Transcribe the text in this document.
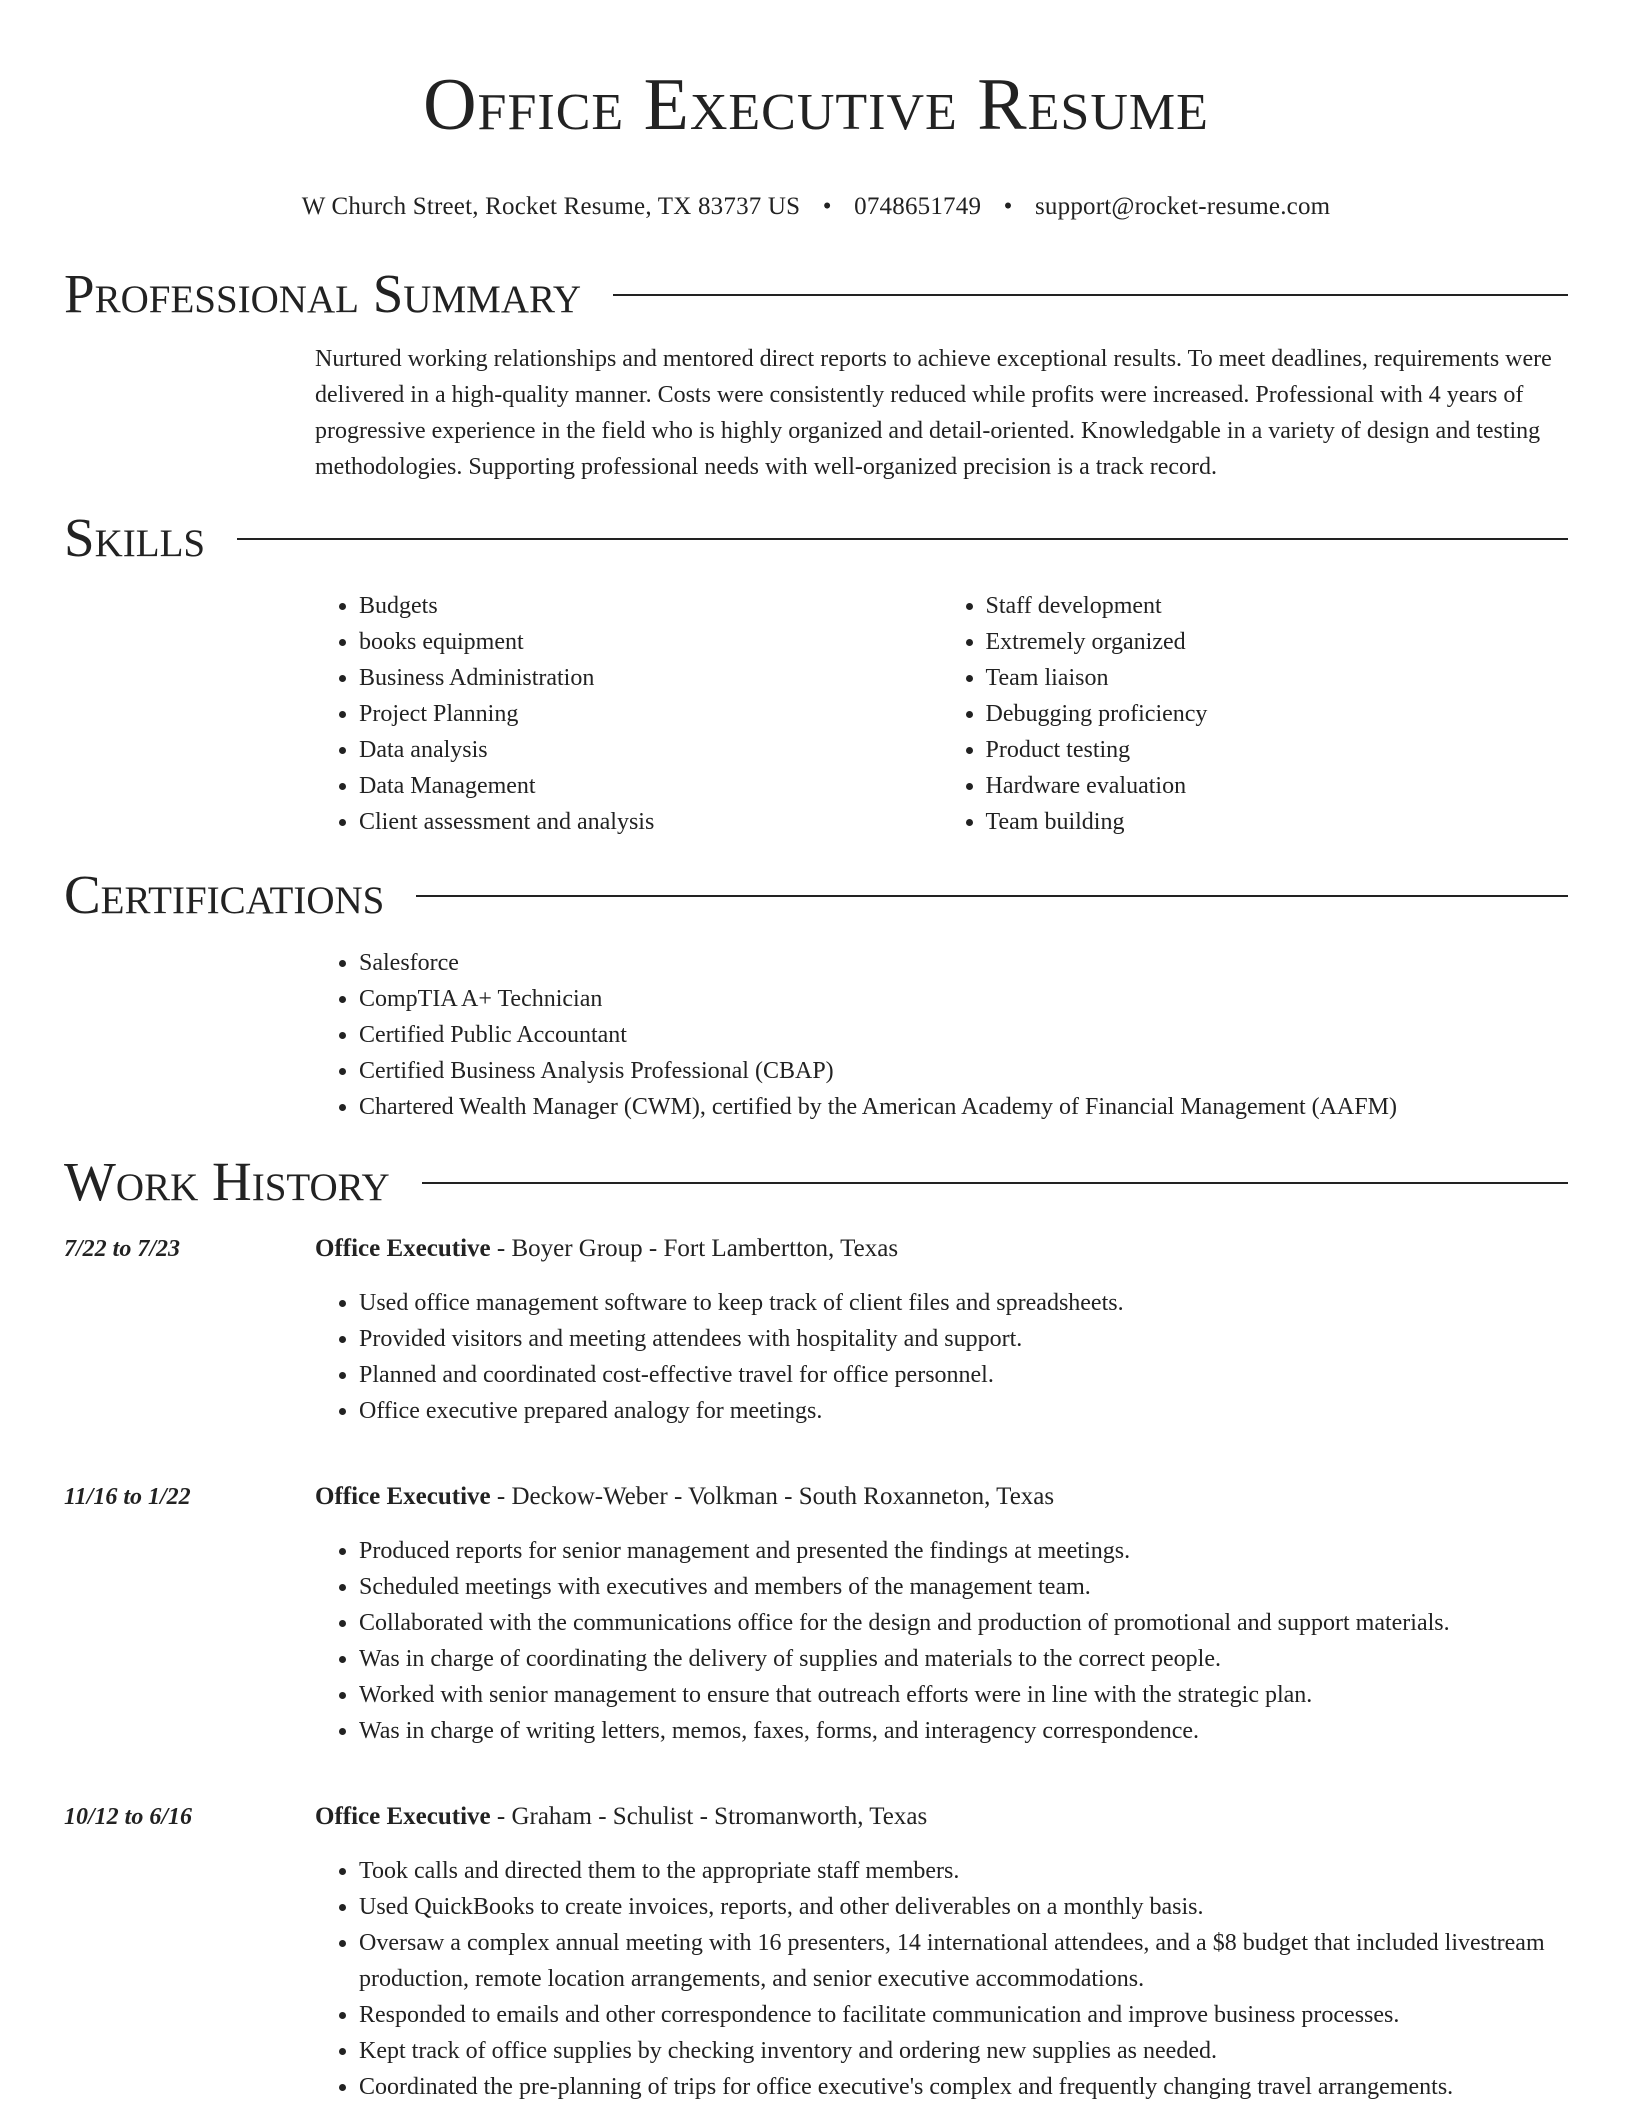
Office Executive Resume
W Church Street, Rocket Resume, TX 83737 US • 0748651749 • support@rocket-resume.com
Professional Summary
Nurtured working relationships and mentored direct reports to achieve exceptional results. To meet deadlines, requirements were delivered in a high-quality manner. Costs were consistently reduced while profits were increased. Professional with 4 years of progressive experience in the field who is highly organized and detail-oriented. Knowledgable in a variety of design and testing methodologies. Supporting professional needs with well-organized precision is a track record.
Skills
• Budgets
• books equipment
• Business Administration
• Project Planning
• Data analysis
• Data Management
• Client assessment and analysis
• Staff development
• Extremely organized
• Team liaison
• Debugging proficiency
• Product testing
• Hardware evaluation
• Team building
Certifications
• Salesforce
• CompTIA A+ Technician
• Certified Public Accountant
• Certified Business Analysis Professional (CBAP)
• Chartered Wealth Manager (CWM), certified by the American Academy of Financial Management (AAFM)
Work History
7/22 to 7/23	Office Executive - Boyer Group - Fort Lambertton, Texas
• Used office management software to keep track of client files and spreadsheets.
• Provided visitors and meeting attendees with hospitality and support.
• Planned and coordinated cost-effective travel for office personnel.
• Office executive prepared analogy for meetings.
11/16 to 1/22	Office Executive - Deckow-Weber - Volkman - South Roxanneton, Texas
• Produced reports for senior management and presented the findings at meetings.
• Scheduled meetings with executives and members of the management team.
• Collaborated with the communications office for the design and production of promotional and support materials.
• Was in charge of coordinating the delivery of supplies and materials to the correct people.
• Worked with senior management to ensure that outreach efforts were in line with the strategic plan.
• Was in charge of writing letters, memos, faxes, forms, and interagency correspondence.
10/12 to 6/16	Office Executive - Graham - Schulist - Stromanworth, Texas
• Took calls and directed them to the appropriate staff members.
• Used QuickBooks to create invoices, reports, and other deliverables on a monthly basis.
• Oversaw a complex annual meeting with 16 presenters, 14 international attendees, and a $8 budget that included livestream production, remote location arrangements, and senior executive accommodations.
• Responded to emails and other correspondence to facilitate communication and improve business processes.
• Kept track of office supplies by checking inventory and ordering new supplies as needed.
• Coordinated the pre-planning of trips for office executive's complex and frequently changing travel arrangements.
